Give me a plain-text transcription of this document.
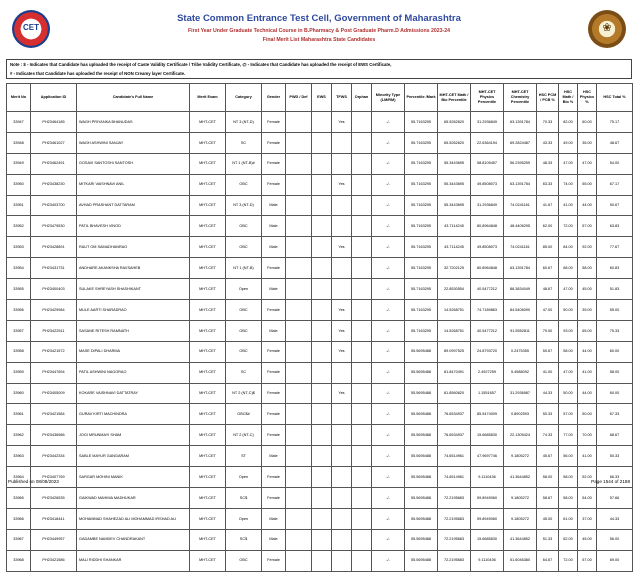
CET
State Common Entrance Test Cell, Government of Maharashtra
First Year Under Graduate Technical Course in B.Pharmacy & Post Graduate Pharm.D Admissions 2023-24
Final Merit List Maharashtra State Candidates
❀
Note : $ - Indicates that Candidate has uploaded the receipt of Caste Validity Certificate / Tribe Validity Certificate, @ - Indicates that Candidate has uploaded the receipt of EWS Certificate,
# - Indicates that Candidate has uploaded the receipt of NON Creamy layer Certificate.
Merit No	Application ID	Candidate's Full Name	Merit Exam	Category	Gender	PWD / Def	EWS	TFWS	Orphan	Minority Type (LM/RM)	Percentile /Mark	MHT-CET Math / Bio Percentile	MHT-CET Physics Percentile	MHT-CET Chemistry Percentile	HSC PCM / PCB %	HSC Math / Bio %	HSC Physics %	HSC Total %
33947	PH23464185	WAGH PRIYANKA BHANUDAS	MHT-CET	NT 3 (NT-D)	Female			Yes		-/-	55.7163295	65.5262620	31.2936849	63.1391784	70.33	82.00	60.00	75.17
33948	PH23461027	WAGH ASHWINI SANJAY	MHT-CET	SC	Female					-/-	55.7163295	65.5262620	22.6364194	69.2824487	43.33	49.00	35.00	48.67
33949	PH23462491	GOSAVI SANTOSHI SANTOSH	MHT-CET	NT 1 (NT-B)#	Female					-/-	55.7163295	55.3443695	58.8105457	56.2395259	48.33	47.00	47.00	54.00
33950	PH23438230	MITKARI VAISHNAVI ANIL	MHT-CET	OBC	Female			Yes		-/-	55.7163295	55.3443695	49.8508073	63.1391784	63.33	74.00	55.00	67.17
33951	PH23403700	AVHAD PRASHANT DATTARAM	MHT-CET	NT 3 (NT-D)	Male					-/-	55.7163295	55.3443695	31.2936849	74.0241161	41.67	41.00	44.00	50.67
33952	PH23479530	PATIL BHAVESH VINOD	MHT-CET	OBC	Male					-/-	55.7163295	43.7114245	80.8964848	48.4406295	62.00	72.00	57.00	63.83
33953	PH23428891	RAUT OM SAMADHANRAO	MHT-CET	OBC	Male			Yes		-/-	55.7163295	43.7114245	49.8508073	74.0241161	85.00	84.00	92.00	77.67
33954	PH23431731	ANDHARE AKANKSHA RAVSAHEB	MHT-CET	NT 1 (NT-B)	Female					-/-	55.7163295	32.7202125	80.8964848	63.1391784	60.67	68.00	58.00	60.83
33955	PH23400403	SULAKE SHREYASH SHASHIKANT	MHT-CET	Open	Male					-/-	55.7163295	22.8530554	40.5477212	88.3834049	48.67	47.00	45.00	51.83
33956	PH23429984	MULE AARTI SHARADRAO	MHT-CET	OBC	Female			Yes		-/-	55.7163295	14.5268751	74.7189863	84.5406090	47.00	50.00	39.00	55.00
33957	PH23422511	SASANE RITESH RAMNATH	MHT-CET	OBC	Male			Yes		-/-	55.7163295	14.5268751	40.5477212	91.5552811	79.00	93.00	65.00	75.33
33958	PH23421572	MASE DIPALI DHARMA	MHT-CET	OBC	Female			Yes		-/-	55.5695488	89.0997525	24.8793720	0.2475355	50.67	58.00	44.00	60.00
33959	PH23447694	PATIL ASHWINI NAGORAO	MHT-CET	SC	Female					-/-	55.5695488	81.8470491	2.4927259	5.4588092	41.00	47.00	41.00	58.00
33960	PH23405009	KOKARE VAISHNAVI DATTATRAY	MHT-CET	NT 2 (NT-C)$	Female			Yes		-/-	55.5695488	81.8560820	1.1551657	31.2936987	44.33	50.00	44.00	60.00
33961	PH23421584	GURAV KIRTI MACHINDRA	MHT-CET	OBC$#	Female					-/-	55.5695488	76.6534937	85.5474009	0.8902593	50.33	57.00	50.00	67.33
33962	PH23436986	JOGI MRUNMAYI SHAM	MHT-CET	NT 2 (NT-C)	Female					-/-	55.5695488	76.6534937	15.6685630	22.1305424	74.33	77.00	70.00	68.67
33963	PH23442334	SABLE MAYUR GANGARAM	MHT-CET	ST	Male					-/-	55.5695488	74.6514961	47.9697746	9.1805272	45.67	56.00	41.00	50.33
33964	PH23407769	SARGAR MOHINI MANIK	MHT-CET	Open	Female					-/-	55.5695488	74.6514961	9.1110436	41.3644852	58.00	58.00	52.00	66.33
33965	PH23426535	GAIKWAD MAHIMA MADHUKAR	MHT-CET	SC$	Female					-/-	55.5695488	72.2195683	59.8949060	9.1805272	58.67	58.00	54.00	57.66
33966	PH23418441	MOHAMMAD SHAHEZAD ALI MOHAMMAD IRSHAD ALI	MHT-CET	Open	Male					-/-	55.5695488	72.2195683	59.8949060	9.1805272	45.00	61.00	37.00	44.33
33967	PH23449957	GADAMBE NAMDEV CHANDRAKANT	MHT-CET	SC$	Male					-/-	55.5695488	72.2195683	15.6685630	41.3644852	51.33	62.00	45.00	56.00
33968	PH23421586	MALI RIDDHI SHANKAR	MHT-CET	OBC	Female					-/-	55.5695488	72.2195683	9.1110436	51.6046380	64.67	72.00	57.00	69.00
Published on 08/08/2023	Page 1544 of 2188
